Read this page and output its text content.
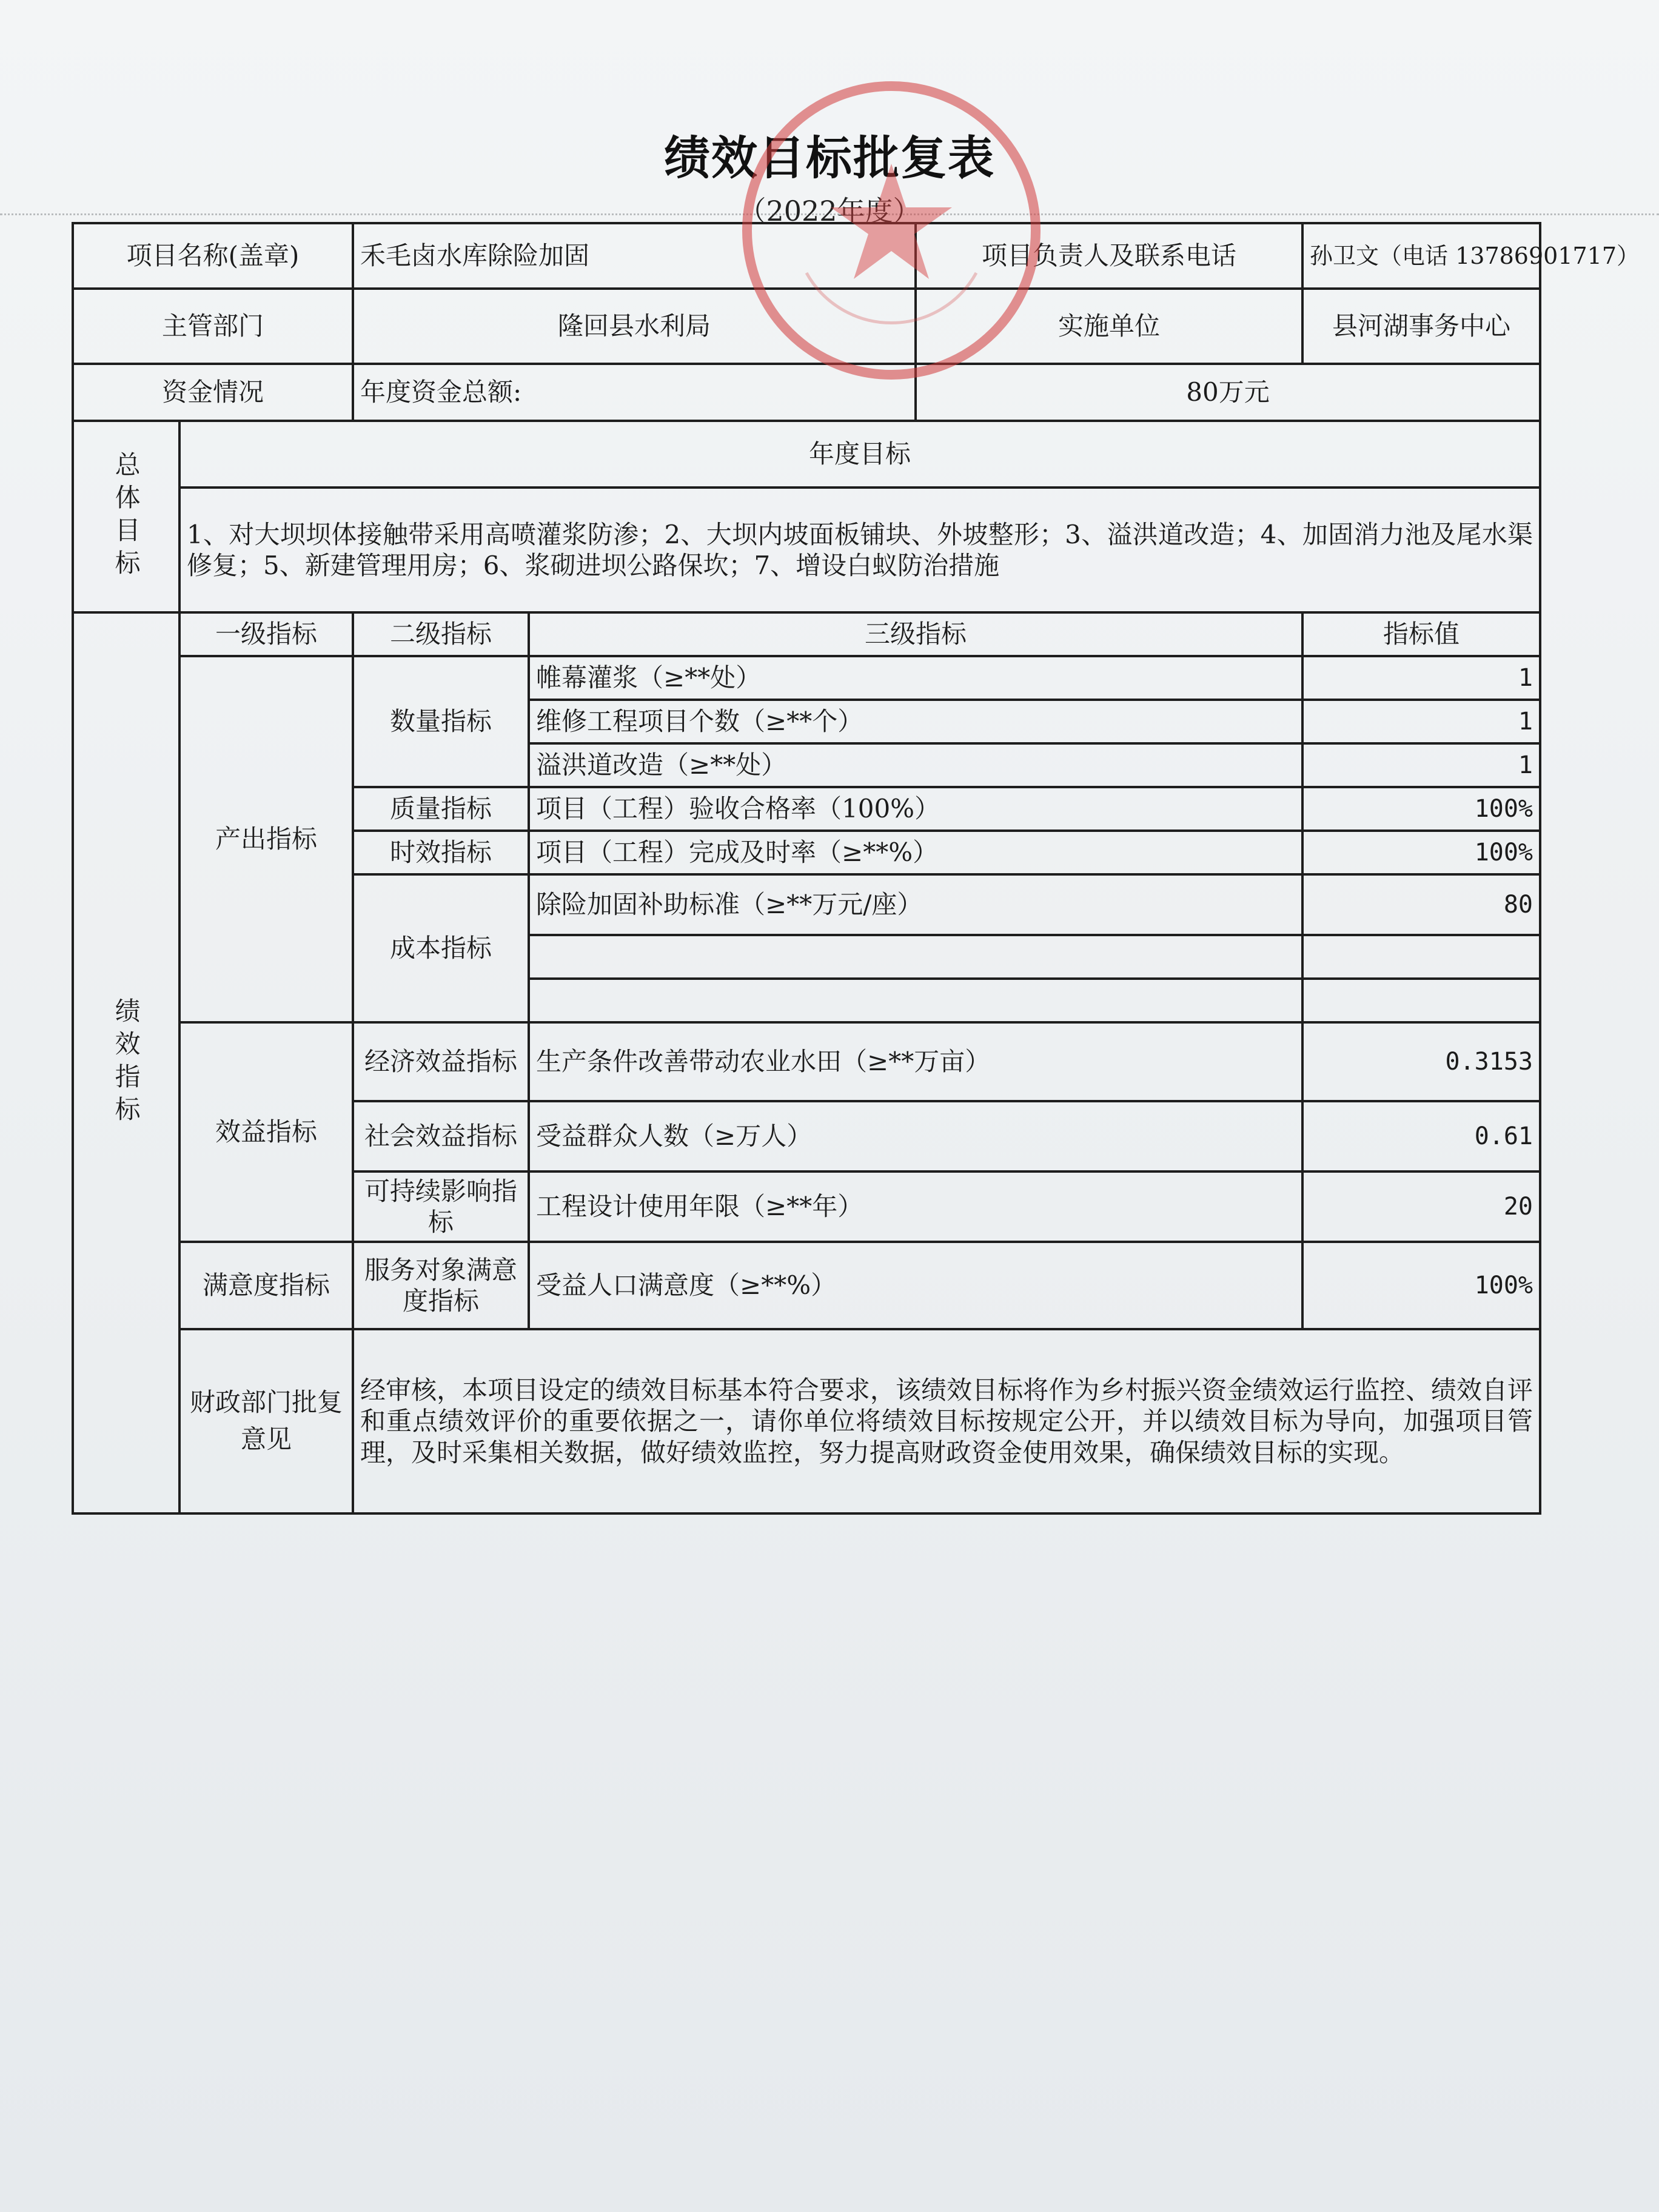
绩效目标批复表
（2022年度）
项目名称(盖章)		禾毛卤水库除险加固		项目负责人及联系电话	孙卫文（电话 13786901717）
主管部门		隆回县水利局		实施单位	县河湖事务中心
资金情况		年度资金总额:		80万元	

总体目标	年度目标				
	1、对大坝坝体接触带采用高喷灌浆防渗；2、大坝内坡面板铺块、外坡整形；3、溢洪道改造；4、加固消力池及尾水渠修复；5、新建管理用房；6、浆砌进坝公路保坎；7、增设白蚁防治措施				

绩效指标	一级指标	二级指标	三级指标		指标值
	产出指标	数量指标	帷幕灌浆（≥**处）		1
			维修工程项目个数（≥**个）		1
			溢洪道改造（≥**处）		1
		质量指标	项目（工程）验收合格率（100%）		100%
		时效指标	项目（工程）完成及时率（≥**%）		100%
		成本指标	除险加固补助标准（≥**万元/座）		80

	效益指标	经济效益指标	生产条件改善带动农业水田（≥**万亩）		0.3153
		社会效益指标	受益群众人数（≥万人）		0.61
		可持续影响指标	工程设计使用年限（≥**年）		20
	满意度指标	服务对象满意度指标	受益人口满意度（≥**%）		100%
	财政部门批复意见	经审核，本项目设定的绩效目标基本符合要求，该绩效目标将作为乡村振兴资金绩效运行监控、绩效自评和重点绩效评价的重要依据之一，请你单位将绩效目标按规定公开，并以绩效目标为导向，加强项目管理，及时采集相关数据，做好绩效监控，努力提高财政资金使用效果，确保绩效目标的实现。			
